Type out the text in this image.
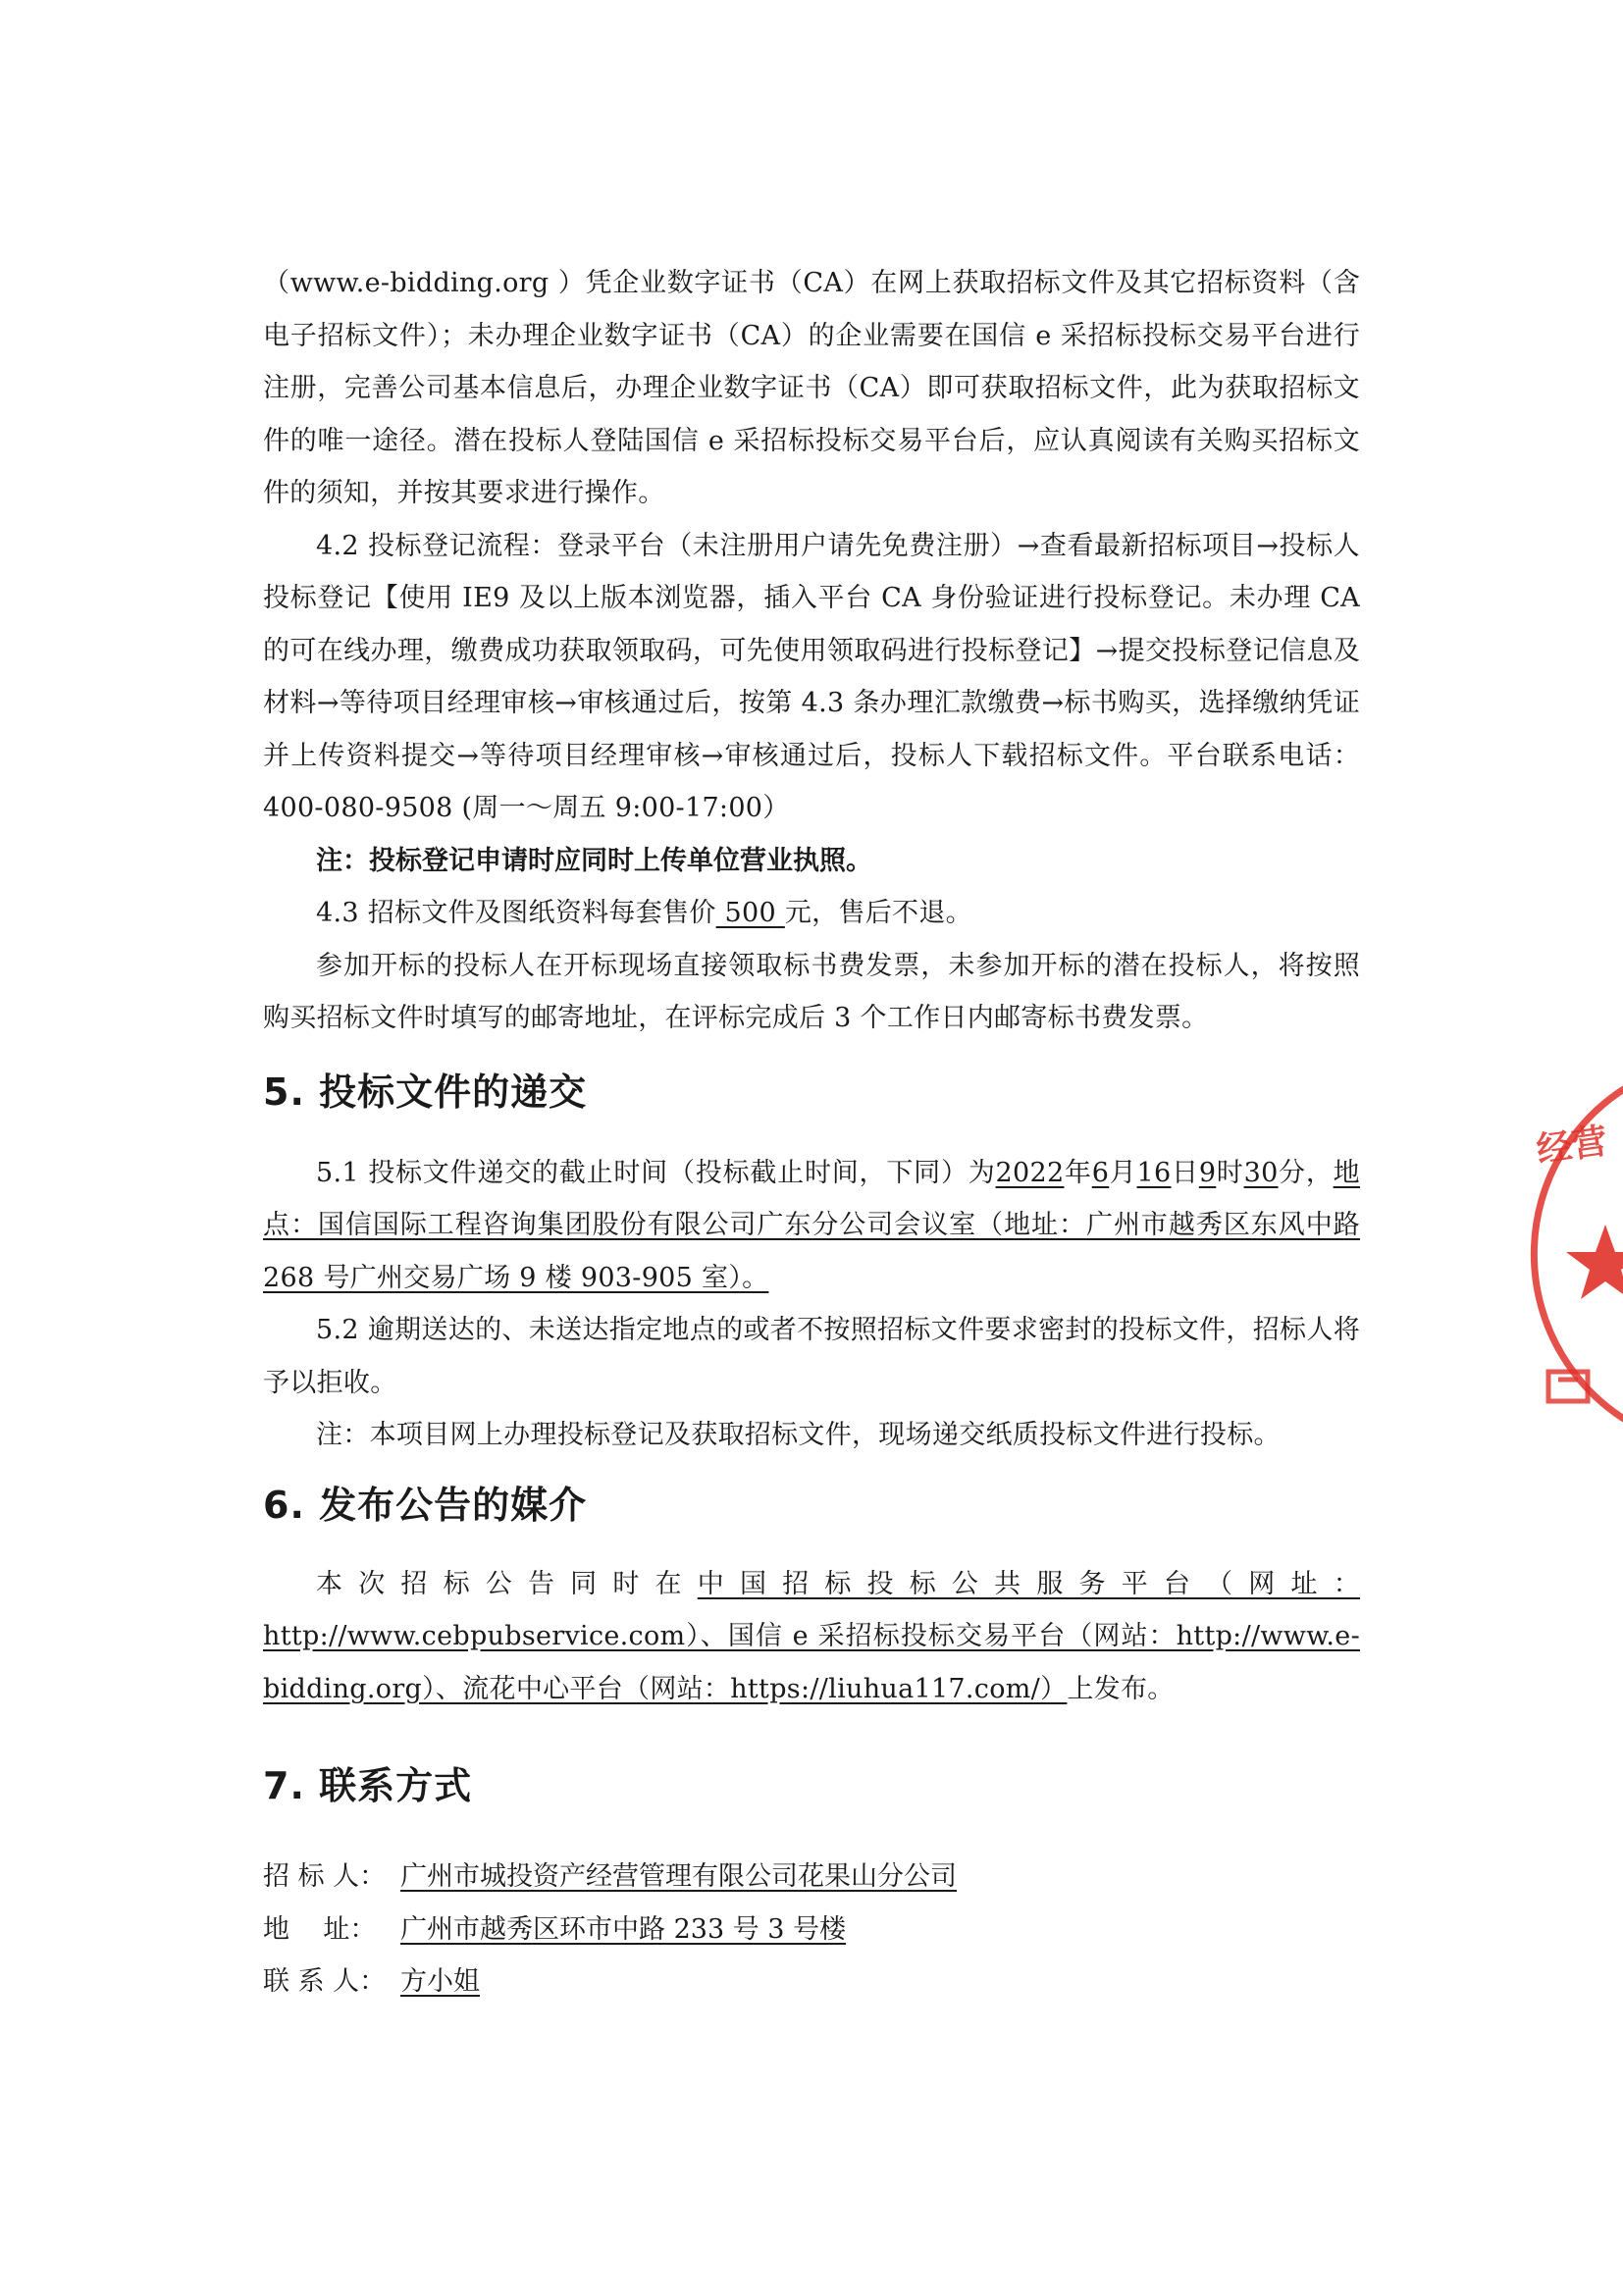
（www.e-bidding.org ）凭企业数字证书（CA）在网上获取招标文件及其它招标资料（含电子招标文件）；未办理企业数字证书（CA）的企业需要在国信 e 采招标投标交易平台进行注册，完善公司基本信息后，办理企业数字证书（CA）即可获取招标文件，此为获取招标文件的唯一途径。潜在投标人登陆国信 e 采招标投标交易平台后，应认真阅读有关购买招标文件的须知，并按其要求进行操作。

4.2 投标登记流程：登录平台（未注册用户请先免费注册）→查看最新招标项目→投标人投标登记【使用 IE9 及以上版本浏览器，插入平台 CA 身份验证进行投标登记。未办理 CA 的可在线办理，缴费成功获取领取码，可先使用领取码进行投标登记】→提交投标登记信息及材料→等待项目经理审核→审核通过后，按第 4.3 条办理汇款缴费→标书购买，选择缴纳凭证并上传资料提交→等待项目经理审核→审核通过后，投标人下载招标文件。平台联系电话：400-080-9508 (周一～周五 9:00-17:00）

注：投标登记申请时应同时上传单位营业执照。

4.3 招标文件及图纸资料每套售价 500 元，售后不退。

参加开标的投标人在开标现场直接领取标书费发票，未参加开标的潜在投标人，将按照购买招标文件时填写的邮寄地址，在评标完成后 3 个工作日内邮寄标书费发票。

5. 投标文件的递交

5.1 投标文件递交的截止时间（投标截止时间，下同）为2022年6月16日9时30分，地点：国信国际工程咨询集团股份有限公司广东分公司会议室（地址：广州市越秀区东风中路 268 号广州交易广场 9 楼 903-905 室）。

5.2 逾期送达的、未送达指定地点的或者不按照招标文件要求密封的投标文件，招标人将予以拒收。

注：本项目网上办理投标登记及获取招标文件，现场递交纸质投标文件进行投标。

6. 发布公告的媒介

本次招标公告同时在中国招标投标公共服务平台（网址：http://www.cebpubservice.com）、国信 e 采招标投标交易平台（网站：http://www.e-bidding.org）、流花中心平台（网站：https://liuhua117.com/）上发布。

7. 联系方式

招 标 人： 广州市城投资产经营管理有限公司花果山分公司

地    址： 广州市越秀区环市中路 233 号 3 号楼

联 系 人： 方小姐

经营
